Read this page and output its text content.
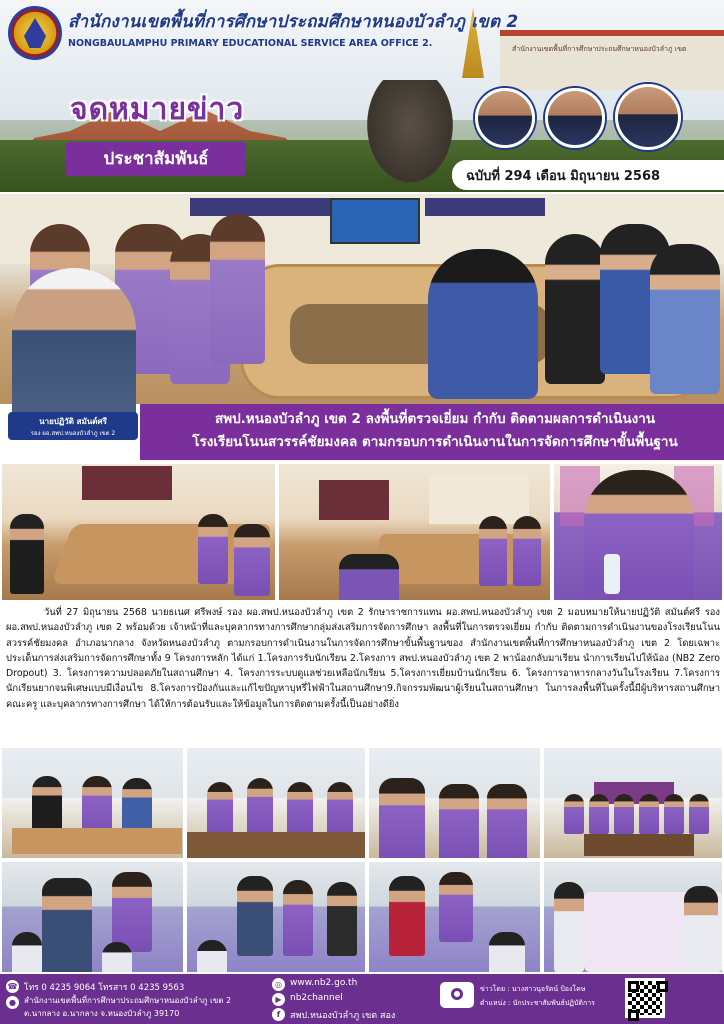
สำนักงานเขตพื้นที่การศึกษาประถมศึกษาหนองบัวลำภู เขต
สำนักงานเขตพื้นที่การศึกษาประถมศึกษาหนองบัวลำภู เขต 2
NONGBAULAMPHU PRIMARY EDUCATIONAL SERVICE AREA OFFICE 2.
จดหมายข่าว
ประชาสัมพันธ์
ฉบับที่ 294 เดือน มิถุนายน 2568
นายปฏิวัติ สมันต์ศรี
รอง ผอ.สพป.หนองบัวลำภู เขต 2
สพป.หนองบัวลำภู เขต 2 ลงพื้นที่ตรวจเยี่ยม กำกับ ติดตามผลการดำเนินงาน
โรงเรียนโนนสวรรค์ชัยมงคล ตามกรอบการดำเนินงานในการจัดการศึกษาขั้นพื้นฐาน
วันที่ 27 มิถุนายน 2568 นายธเนศ ศรีพงษ์ รอง ผอ.สพป.หนองบัวลำภู เขต 2 รักษาราชการแทน ผอ.สพป.หนองบัวลำภู เขต 2 มอบหมายให้นายปฏิวัติ สมันต์ศรี รอง ผอ.สพป.หนองบัวลำภู เขต 2 พร้อมด้วย เจ้าหน้าที่และบุคลากรทางการศึกษากลุ่มส่งเสริมการจัดการศึกษา ลงพื้นที่ในการตรวจเยี่ยม กำกับ ติดตามการดำเนินงานของโรงเรียนโนนสวรรค์ชัยมงคล อำเภอนากลาง จังหวัดหนองบัวลำภู ตามกรอบการดำเนินงานในการจัดการศึกษาขั้นพื้นฐานของ สำนักงานเขตพื้นที่การศึกษาหนองบัวลำภู เขต 2 โดยเฉพาะประเด็นการส่งเสริมการจัดการศึกษาทั้ง 9 โครงการหลัก ได้แก่ 1.โครงการรับนักเรียน 2.โครงการ สพป.หนองบัวลำภู เขต 2 พาน้องกลับมาเรียน นำการเรียนไปให้น้อง (NB2 Zero Dropout) 3. โครงการความปลอดภัยในสถานศึกษา 4. โครงการระบบดูแลช่วยเหลือนักเรียน 5.โครงการเยี่ยมบ้านนักเรียน 6. โครงการอาหารกลางวันในโรงเรียน 7.โครงการนักเรียนยากจนพิเศษแบบมีเงื่อนไข 8.โครงการป้องกันและแก้ไขปัญหาบุหรี่ไฟฟ้าในสถานศึกษา9.กิจกรรมพัฒนาผู้เรียนในสถานศึกษา ในการลงพื้นที่ในครั้งนี้มีผู้บริหารสถานศึกษา คณะครู และบุคลากรทางการศึกษา ได้ให้การต้อนรับและให้ข้อมูลในการติดตามครั้งนี้เป็นอย่างดียิ่ง
☎ โทร 0 4235 9064 โทรสาร 0 4235 9563
●	สำนักงานเขตพื้นที่การศึกษาประถมศึกษาหนองบัวลำภู เขต 2
ต.นากลาง อ.นากลาง จ.หนองบัวลำภู 39170
◎ www.nb2.go.th
▶ nb2channel
f	สพป.หนองบัวลำภู เขต สอง
ข่าวโดย : นางสาวนุจรัตน์ ป้องโคษ
ตำแหน่ง : นักประชาสัมพันธ์ปฏิบัติการ
